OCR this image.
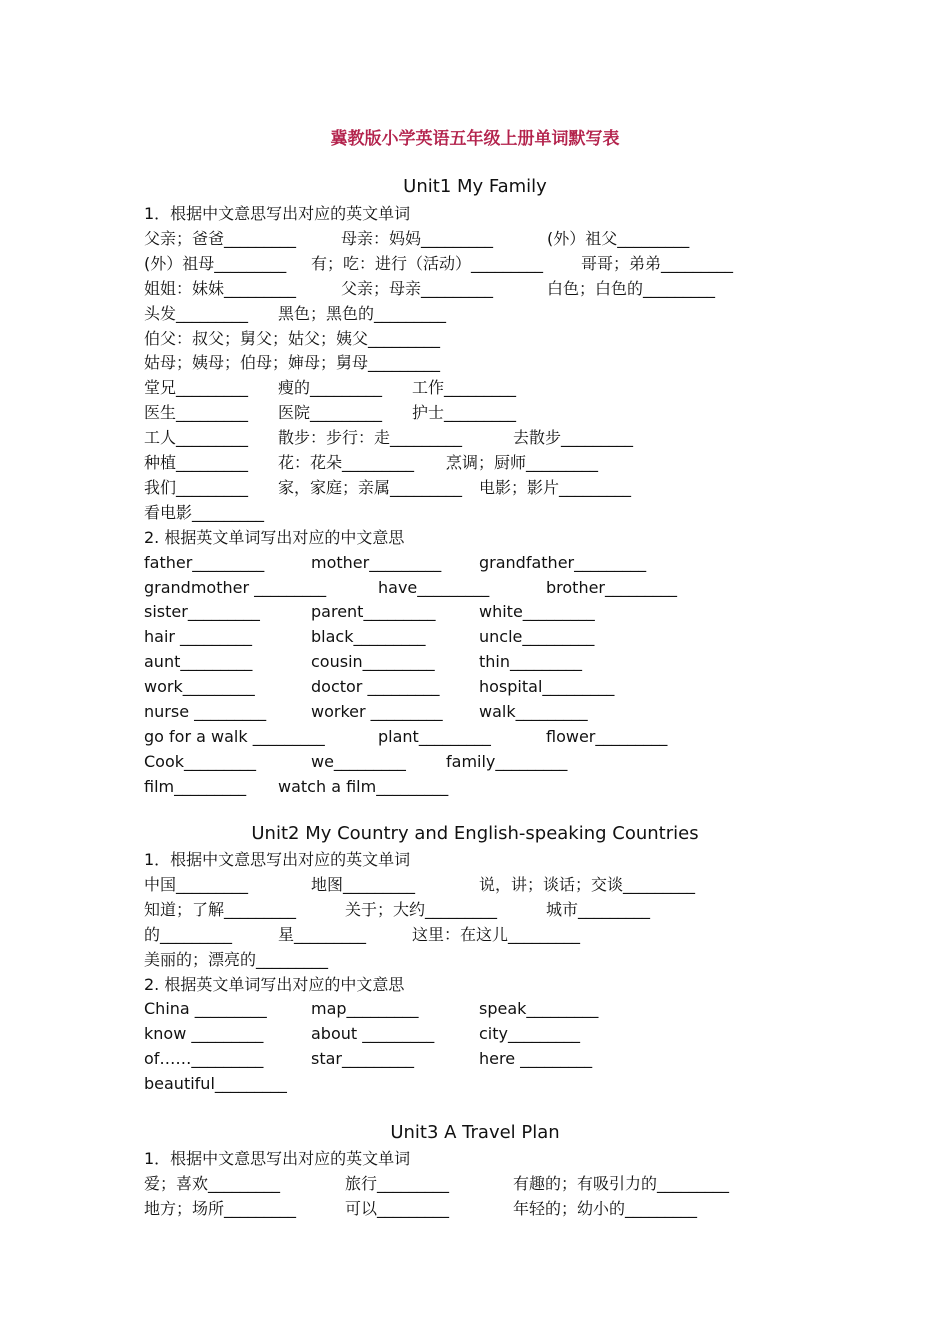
冀教版小学英语五年级上册单词默写表
Unit1 My Family
1．根据中文意思写出对应的英文单词
父亲；爸爸_________	母亲：妈妈_________	(外）祖父_________
(外）祖母_________ 有；吃：进行（活动）_________ 哥哥；弟弟_________
姐姐：妹妹_________	父亲；母亲_________	白色；白色的_________
头发_________ 黑色；黑色的_________
伯父：叔父；舅父；姑父；姨父_________
姑母；姨母；伯母；婶母；舅母_________
堂兄_________ 瘦的_________ 工作_________
医生_________ 医院_________ 护士_________
工人_________ 散步：步行：走_________	去散步_________
种植_________ 花：花朵_________ 烹调；厨师_________
我们_________ 家，家庭；亲属_________ 电影；影片_________
看电影_________
2. 根据英文单词写出对应的中文意思
father_________	mother_________ grandfather_________
grandmother _________	have_________	brother_________
sister_________	parent_________	white_________
hair _________	black_________	uncle_________
aunt_________	cousin_________	thin_________
work_________	doctor _________ hospital_________
nurse _________	worker _________ walk_________
go for a walk _________	plant_________	flower_________
Cook_________	we_________	family_________
film_________ watch a film_________
Unit2 My Country and English-speaking Countries
1．根据中文意思写出对应的英文单词
中国_________	地图_________	说，讲；谈话；交谈_________
知道；了解_________	关于；大约_________	城市_________
的_________	星_________	这里：在这儿_________
美丽的；漂亮的_________
2. 根据英文单词写出对应的中文意思
China _________	map_________	speak_________
know _________	about _________	city_________
of……_________	star_________	here _________
beautiful_________
Unit3 A Travel Plan
1．根据中文意思写出对应的英文单词
爱；喜欢_________	旅行_________	有趣的；有吸引力的_________
地方；场所_________	可以_________	年轻的；幼小的_________
